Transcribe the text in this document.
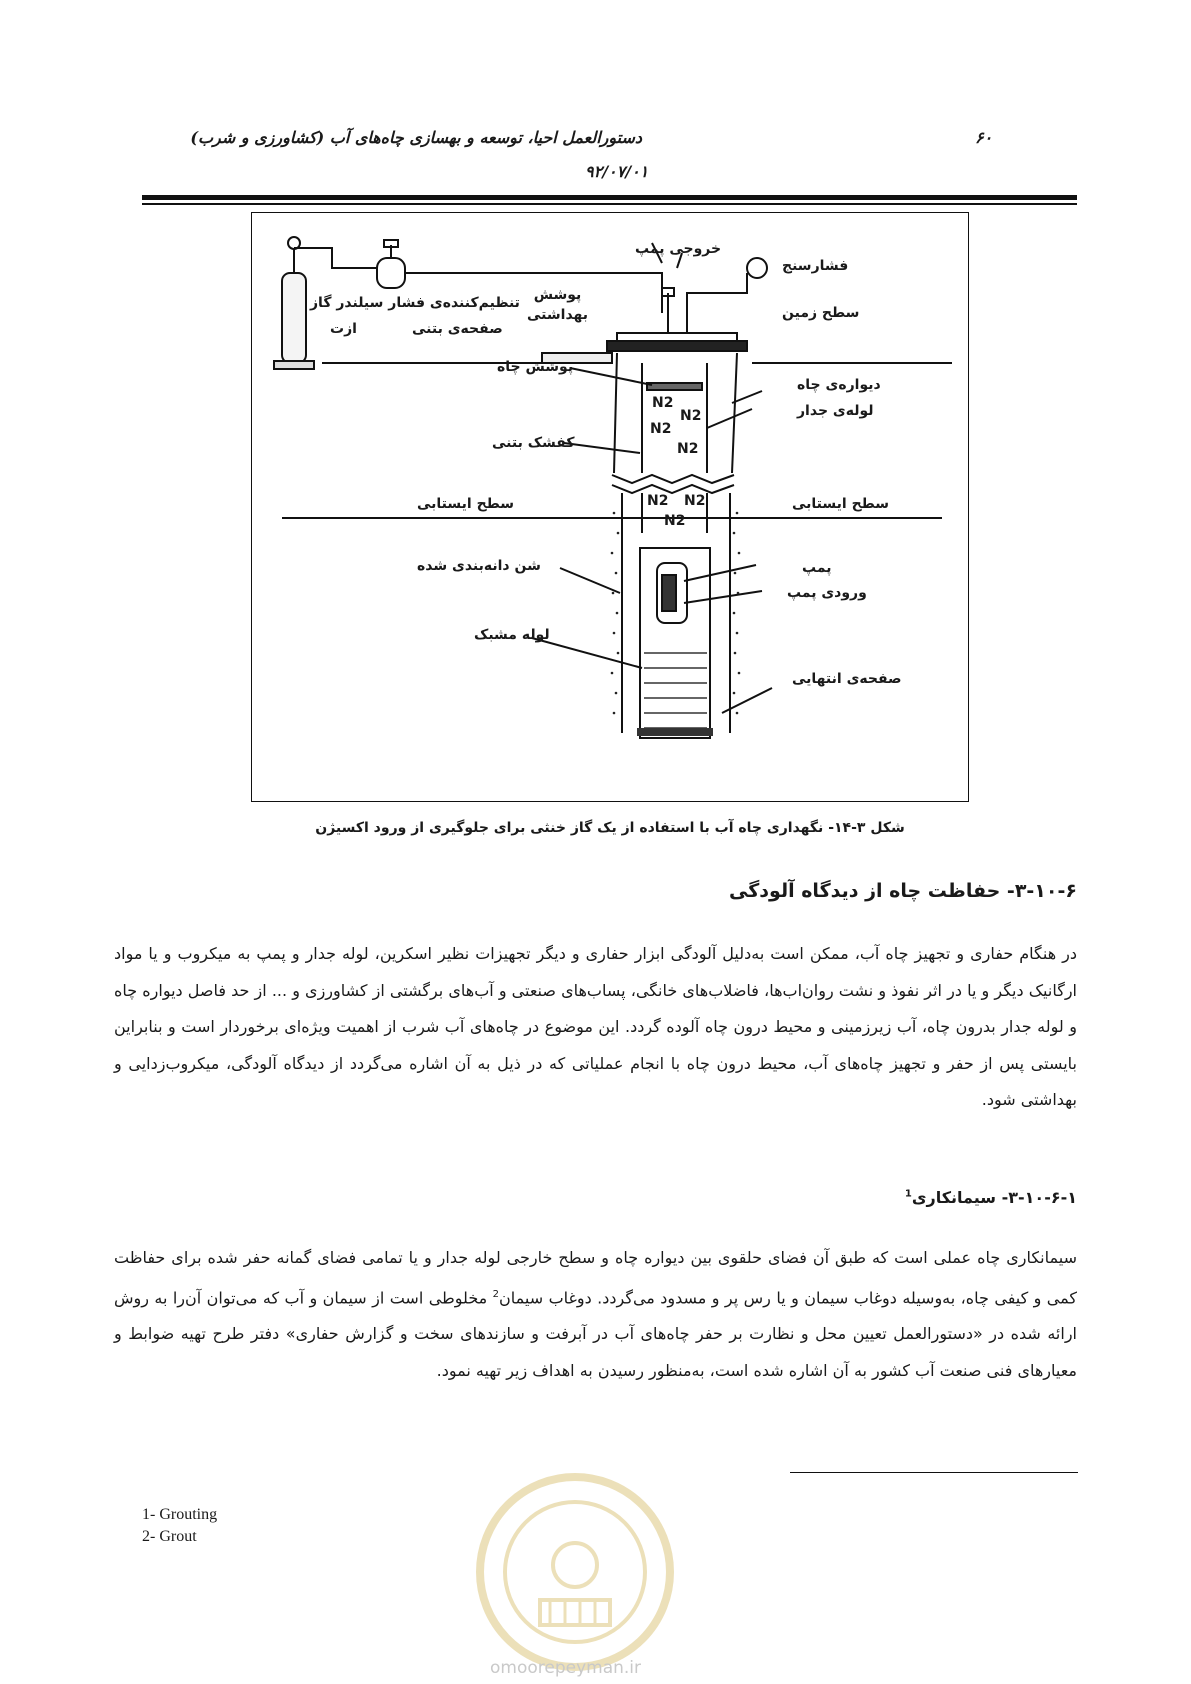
۶۰
دستورالعمل احیا، توسعه و بهسازی چاه‌های آب (کشاورزی و شرب)
۹۲/۰۷/۰۱
خروجی پمپ
فشارسنج
پوشش
بهداشتی
تنظیم‌کننده‌ی فشار سیلندر گاز
ازت	صفحه‌ی بتنی
سطح زمین
پوشش چاه
دیواره‌ی چاه
لوله‌ی جدار
کفشک بتنی
سطح ایستابی	سطح ایستابی
شن دانه‌بندی شده	پمپ
ورودی پمپ
لوله مشبک
صفحه‌ی انتهایی
N2
N2
N2
N2
N2 N2
N2
شکل ۳-۱۴- نگهداری چاه آب با استفاده از یک گاز خنثی برای جلوگیری از ورود اکسیژن
۳-۱۰-۶- حفاظت چاه از دیدگاه آلودگی

در هنگام حفاری و تجهیز چاه آب، ممکن است به‌دلیل آلودگی ابزار حفاری و دیگر تجهیزات نظیر اسکرین، لوله جدار و پمپ به میکروب و یا مواد ارگانیک دیگر و یا در اثر نفوذ و نشت روان‌اب‌ها، فاضلاب‌های خانگی، پساب‌های صنعتی و آب‌های برگشتی از کشاورزی و ... از حد فاصل دیواره چاه و لوله جدار بدرون چاه، آب زیرزمینی و محیط درون چاه آلوده گردد. این موضوع در چاه‌های آب شرب از اهمیت ویژه‌ای برخوردار است و بنابراین بایستی پس از حفر و تجهیز چاه‌های آب، محیط درون چاه با انجام عملیاتی که در ذیل به آن اشاره می‌گردد از دیدگاه آلودگی، میکروب‌زدایی و بهداشتی شود.

۳-۱۰-۶-۱- سیمانکاری$^1$

سیمانکاری چاه عملی است که طبق آن فضای حلقوی بین دیواره چاه و سطح خارجی لوله جدار و یا تمامی فضای گمانه حفر شده برای حفاظت کمی و کیفی چاه، به‌وسیله دوغاب سیمان و یا رس پر و مسدود می‌گردد. دوغاب سیمان$^2$ مخلوطی است از سیمان و آب که می‌توان آن‌را به روش ارائه شده در «دستورالعمل تعیین محل و نظارت بر حفر چاه‌های آب در آبرفت و سازندهای سخت و گزارش حفاری» دفتر طرح تهیه ضوابط و معیارهای فنی صنعت آب کشور به آن اشاره شده است، به‌منظور رسیدن به اهداف زیر تهیه نمود.

1- Grouting
2- Grout
omoorepeyman.ir
